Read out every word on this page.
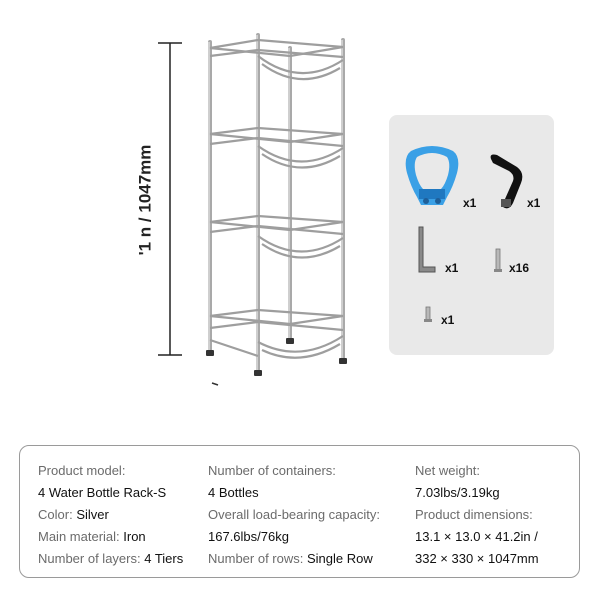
'1 n / 1047mm	x1	x1
x1	x16
x1
Product model:
4 Water Bottle Rack-S
Color: Silver
Main material: Iron
Number of layers: 4 Tiers
Number of containers:
4 Bottles
Overall load-bearing capacity:
167.6lbs/76kg
Number of rows: Single Row
Net weight:
7.03lbs/3.19kg
Product dimensions:
13.1 × 13.0 × 41.2in /
332 × 330 × 1047mm
